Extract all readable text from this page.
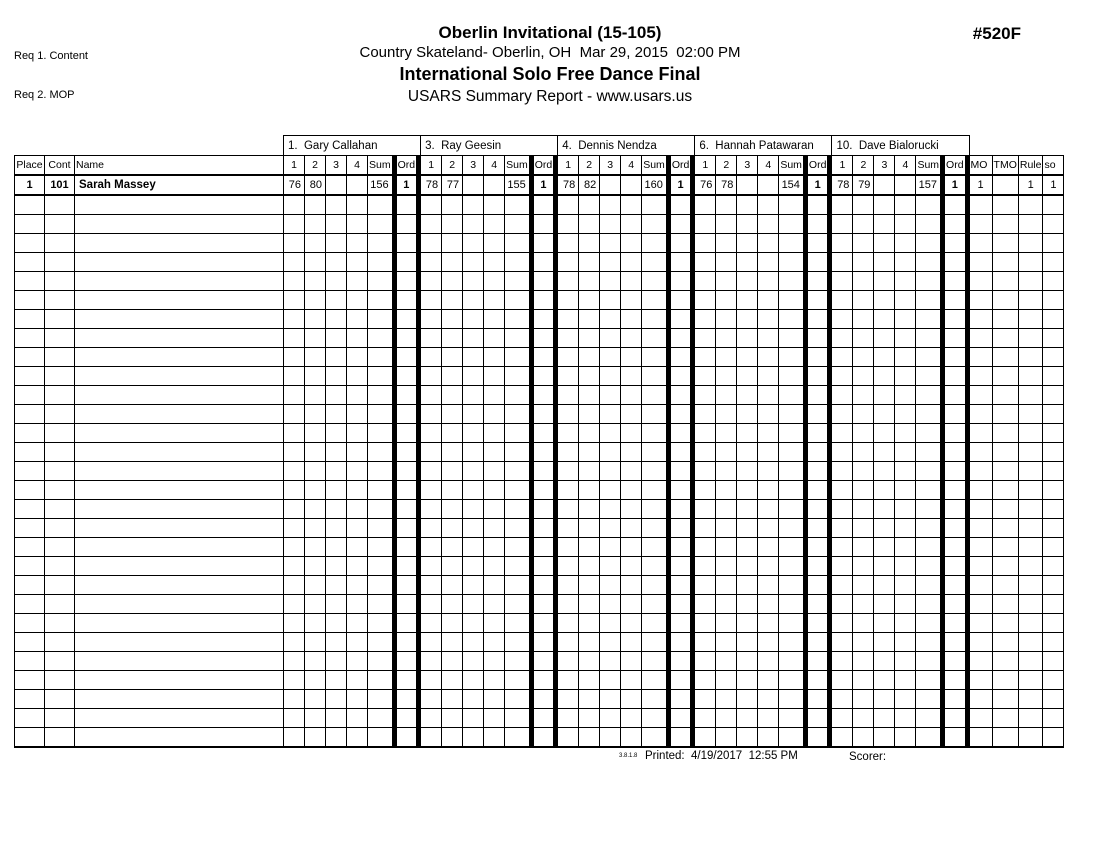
Req 1. Content

Req 2. MOP

Oberlin Invitational (15-105)
Country Skateland- Oberlin, OH  Mar 29, 2015  02:00 PM
International Solo Free Dance Final
USARS Summary Report - www.usars.us
#520F
			1.  Gary Callahan								3.  Ray Geesin								4.  Dennis Nendza								6.  Hannah Patawaran								10.  Dave Bialorucki											
Place	Cont	Name	1	2	3	4	Sum		Ord		1	2	3	4	Sum		Ord		1	2	3	4	Sum		Ord		1	2	3	4	Sum		Ord		1	2	3	4	Sum		Ord		MO	TMO	Rule	so
1	101	Sarah Massey	76	80			156		1		78	77			155		1		78	82			160		1		76	78			154		1		78	79			157		1		1		1	1

3.8.1.8 Printed: 4/19/2017  12:55 PM	Scorer:
